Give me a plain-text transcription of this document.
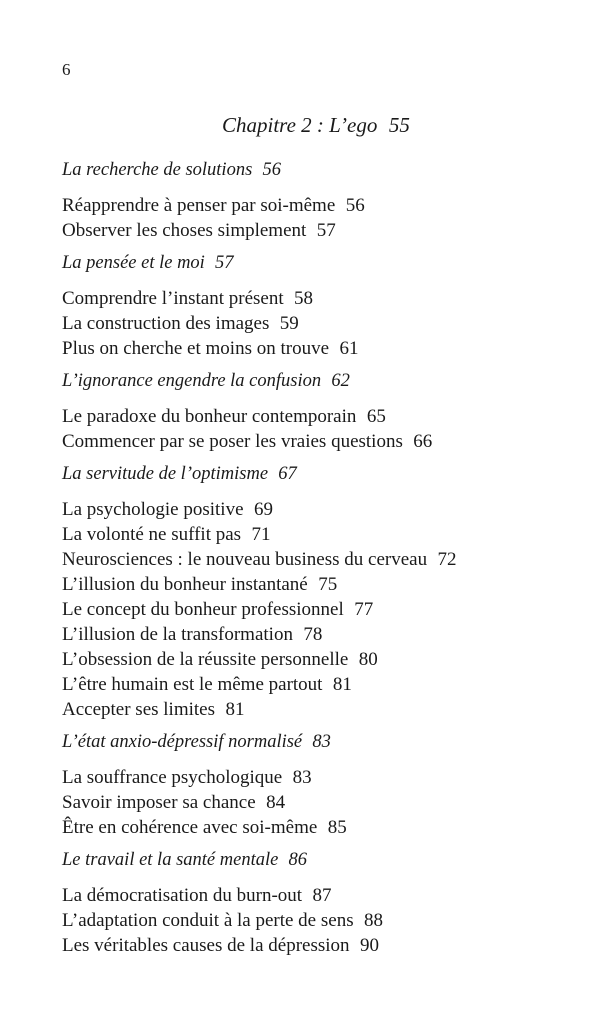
6
Chapitre 2 : L’ego 55
La recherche de solutions 56
Réapprendre à penser par soi-même 56
Observer les choses simplement 57
La pensée et le moi 57
Comprendre l’instant présent 58
La construction des images 59
Plus on cherche et moins on trouve 61
L’ignorance engendre la confusion 62
Le paradoxe du bonheur contemporain 65
Commencer par se poser les vraies questions 66
La servitude de l’optimisme 67
La psychologie positive 69
La volonté ne suffit pas 71
Neurosciences : le nouveau business du cerveau 72
L’illusion du bonheur instantané 75
Le concept du bonheur professionnel 77
L’illusion de la transformation 78
L’obsession de la réussite personnelle 80
L’être humain est le même partout 81
Accepter ses limites 81
L’état anxio-dépressif normalisé 83
La souffrance psychologique 83
Savoir imposer sa chance 84
Être en cohérence avec soi-même 85
Le travail et la santé mentale 86
La démocratisation du burn-out 87
L’adaptation conduit à la perte de sens 88
Les véritables causes de la dépression 90
